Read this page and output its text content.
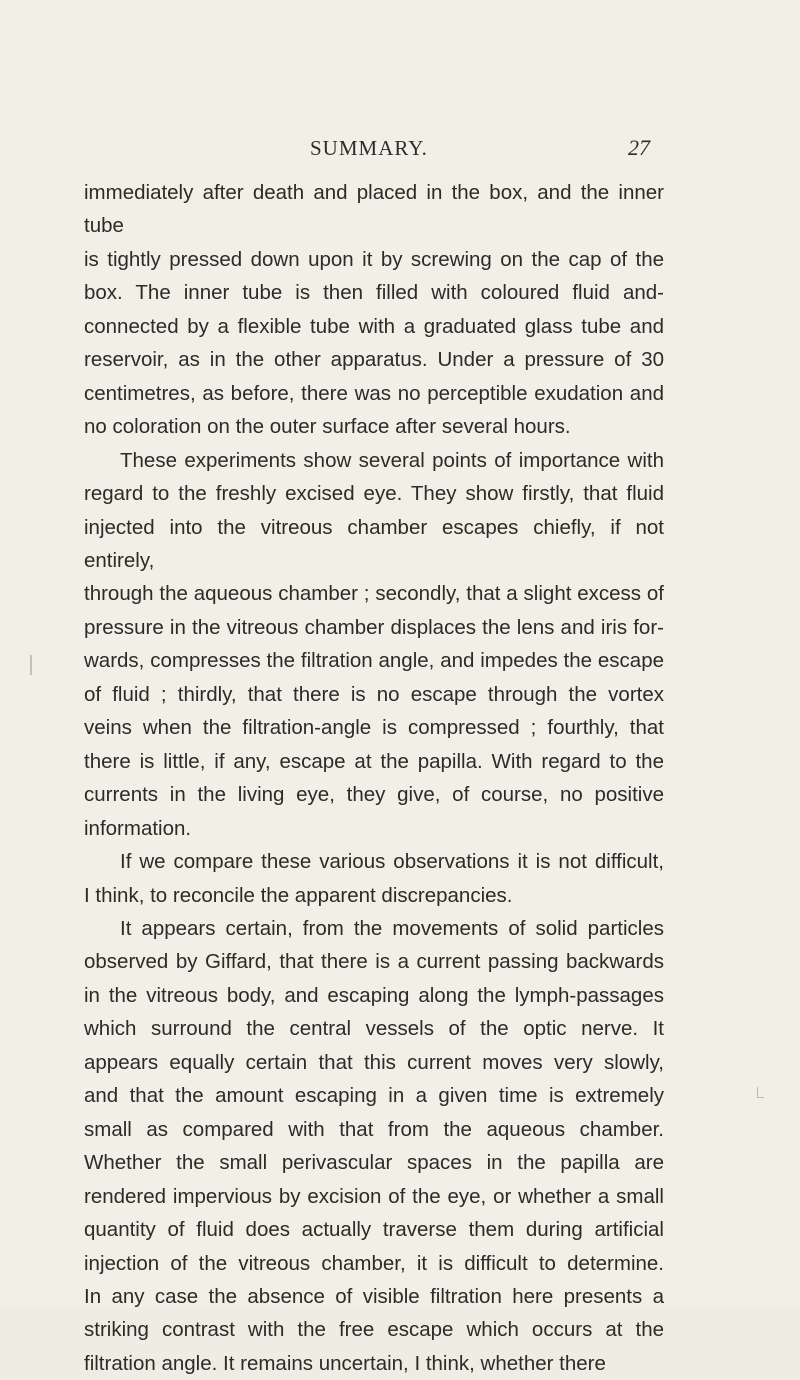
SUMMARY.	27

immediately after death and placed in the box, and the inner tube

is tightly pressed down upon it by screwing on the cap of the

box. The inner tube is then filled with coloured fluid and-

connected by a flexible tube with a graduated glass tube and

reservoir, as in the other apparatus. Under a pressure of 30

centimetres, as before, there was no perceptible exudation and

no coloration on the outer surface after several hours.

These experiments show several points of importance with

regard to the freshly excised eye. They show firstly, that fluid

injected into the vitreous chamber escapes chiefly, if not entirely,

through the aqueous chamber ; secondly, that a slight excess of

pressure in the vitreous chamber displaces the lens and iris for-

wards, compresses the filtration angle, and impedes the escape

of fluid ; thirdly, that there is no escape through the vortex

veins when the filtration-angle is compressed ; fourthly, that

there is little, if any, escape at the papilla. With regard to the

currents in the living eye, they give, of course, no positive

information.

If we compare these various observations it is not difficult,

I think, to reconcile the apparent discrepancies.

It appears certain, from the movements of solid particles

observed by Giffard, that there is a current passing backwards

in the vitreous body, and escaping along the lymph-passages

which surround the central vessels of the optic nerve. It

appears equally certain that this current moves very slowly,

and that the amount escaping in a given time is extremely

small as compared with that from the aqueous chamber.

Whether the small perivascular spaces in the papilla are

rendered impervious by excision of the eye, or whether a small

quantity of fluid does actually traverse them during artificial

injection of the vitreous chamber, it is difficult to determine.

In any case the absence of visible filtration here presents a

striking contrast with the free escape which occurs at the

filtration angle. It remains uncertain, I think, whether there
